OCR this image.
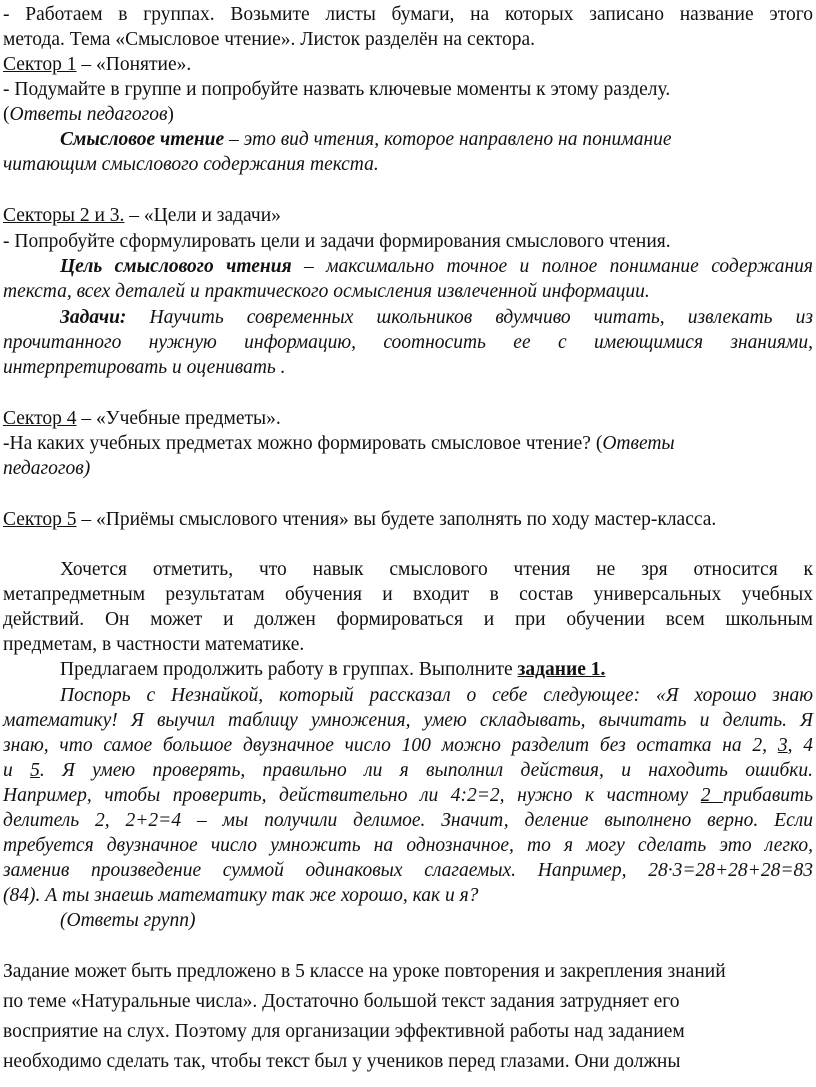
- Работаем в группах. Возьмите листы бумаги, на которых записано название этого
метода. Тема «Смысловое чтение». Листок разделён на сектора.
Сектор 1 – «Понятие».
- Подумайте в группе и попробуйте назвать ключевые моменты к этому разделу.
(Ответы педагогов)
Смысловое чтение – это вид чтения, которое направлено на понимание
читающим смыслового содержания текста.
Секторы 2 и 3. – «Цели и задачи»
- Попробуйте сформулировать цели и задачи формирования смыслового чтения.
Цель смыслового чтения – максимально точное и полное понимание содержания
текста, всех деталей и практического осмысления извлеченной информации.
Задачи: Научить современных школьников вдумчиво читать, извлекать из
прочитанного нужную информацию, соотносить ее с имеющимися знаниями,
интерпретировать и оценивать .
Сектор 4 – «Учебные предметы».
-На каких учебных предметах можно формировать смысловое чтение? (Ответы
педагогов)
Сектор 5 – «Приёмы смыслового чтения» вы будете заполнять по ходу мастер-класса.
Хочется отметить, что навык смыслового чтения не зря относится к
метапредметным результатам обучения и входит в состав универсальных учебных
действий. Он может и должен формироваться и при обучении всем школьным
предметам, в частности математике.
Предлагаем продолжить работу в группах. Выполните задание 1.
Поспорь с Незнайкой, который рассказал о себе следующее: «Я хорошо знаю
математику! Я выучил таблицу умножения, умею складывать, вычитать и делить. Я
знаю, что самое большое двузначное число 100 можно разделит без остатка на 2, 3, 4
и 5. Я умею проверять, правильно ли я выполнил действия, и находить ошибки.
Например, чтобы проверить, действительно ли 4:2=2, нужно к частному 2 прибавить
делитель 2, 2+2=4 – мы получили делимое. Значит, деление выполнено верно. Если
требуется двузначное число умножить на однозначное, то я могу сделать это легко,
заменив произведение суммой одинаковых слагаемых. Например, 28·3=28+28+28=83
(84). А ты знаешь математику так же хорошо, как и я?
(Ответы групп)
Задание может быть предложено в 5 классе на уроке повторения и закрепления знаний
по теме «Натуральные числа». Достаточно большой текст задания затрудняет его
восприятие на слух. Поэтому для организации эффективной работы над заданием
необходимо сделать так, чтобы текст был у учеников перед глазами. Они должны
